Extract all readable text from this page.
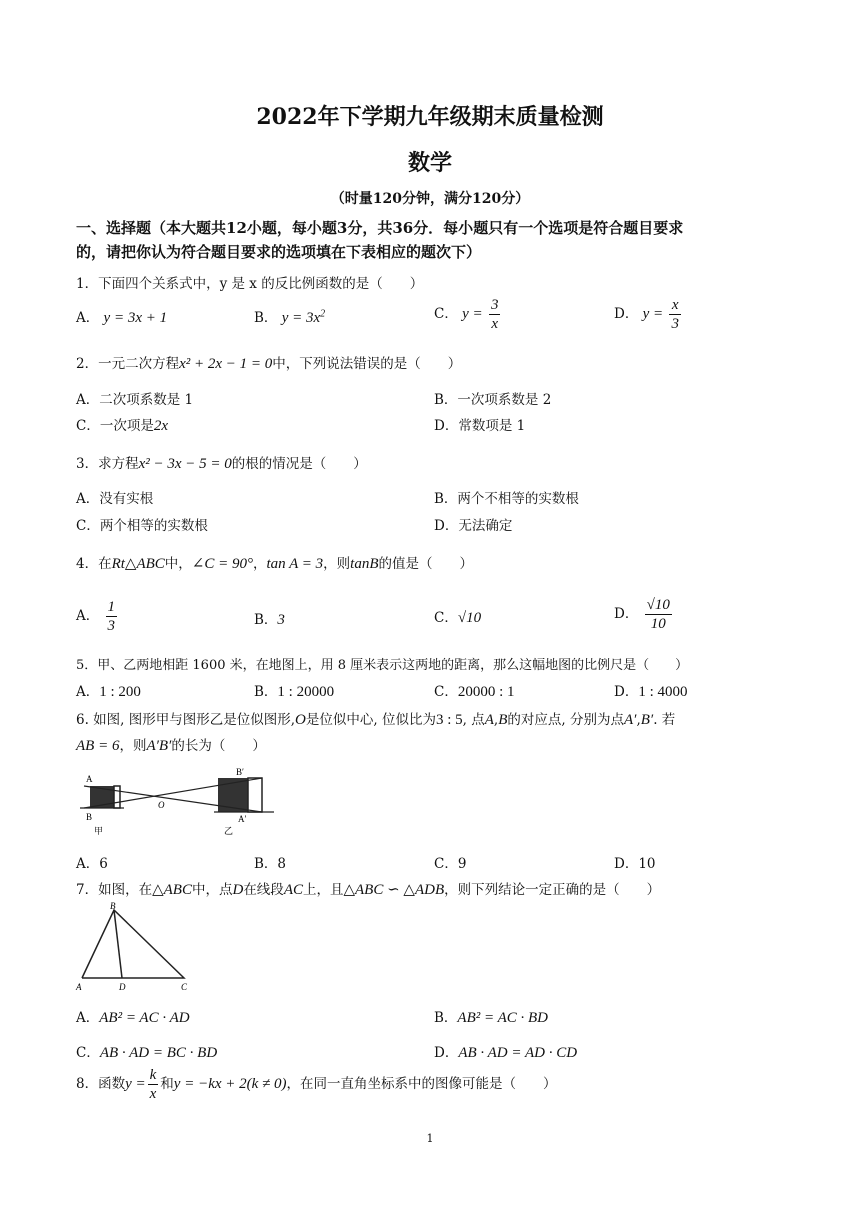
2022年下学期九年级期末质量检测
数学
（时量120分钟，满分120分）
一、选择题（本大题共12小题，每小题3分，共36分．每小题只有一个选项是符合题目要求
的，请把你认为符合题目要求的选项填在下表相应的题次下）
1．下面四个关系式中，y 是 x 的反比例函数的是（　　）
A． y = 3x + 1	B． $y = 3x^2$	C． $y = \frac{3}{x}$	D． $y = \frac{x}{3}$
2．一元二次方程x² + 2x − 1 = 0中，下列说法错误的是（　　）
A．二次项系数是 1	B．一次项系数是 2
C．一次项是2x	D．常数项是 1
3．求方程x² − 3x − 5 = 0的根的情况是（　　）
A．没有实根	B．两个不相等的实数根
C．两个相等的实数根	D．无法确定
4．在Rt△ABC中，∠C = 90°，tan A = 3，则tanB的值是（　　）
A． $\frac{1}{3}$	B．3	C．√10	D． $\frac{√10}{10}$
5．甲、乙两地相距 1600 米，在地图上，用 8 厘米表示这两地的距离，那么这幅地图的比例尺是（　　）
A．1 : 200	B．1 : 20000	C．20000 : 1	D．1 : 4000
6. 如图, 图形甲与图形乙是位似图形,O是位似中心, 位似比为3 : 5, 点A,B的对应点, 分别为点A′,B′. 若
AB = 6，则A′B′的长为（　　）
A
B
O
B′
A′
甲	乙
A．6	B．8	C．9	D．10
7．如图，在△ABC中，点D在线段AC上，且△ABC ∽ △ADB，则下列结论一定正确的是（　　）
B
A	D	C
A．AB² = AC · AD	B．AB² = AC · BD
C．AB · AD = BC · BD	D．AB · AD = AD · CD
8．函数$y = \frac{k}{x}$ 和y = −kx + 2(k ≠ 0)，在同一直角坐标系中的图像可能是（　　）
1
